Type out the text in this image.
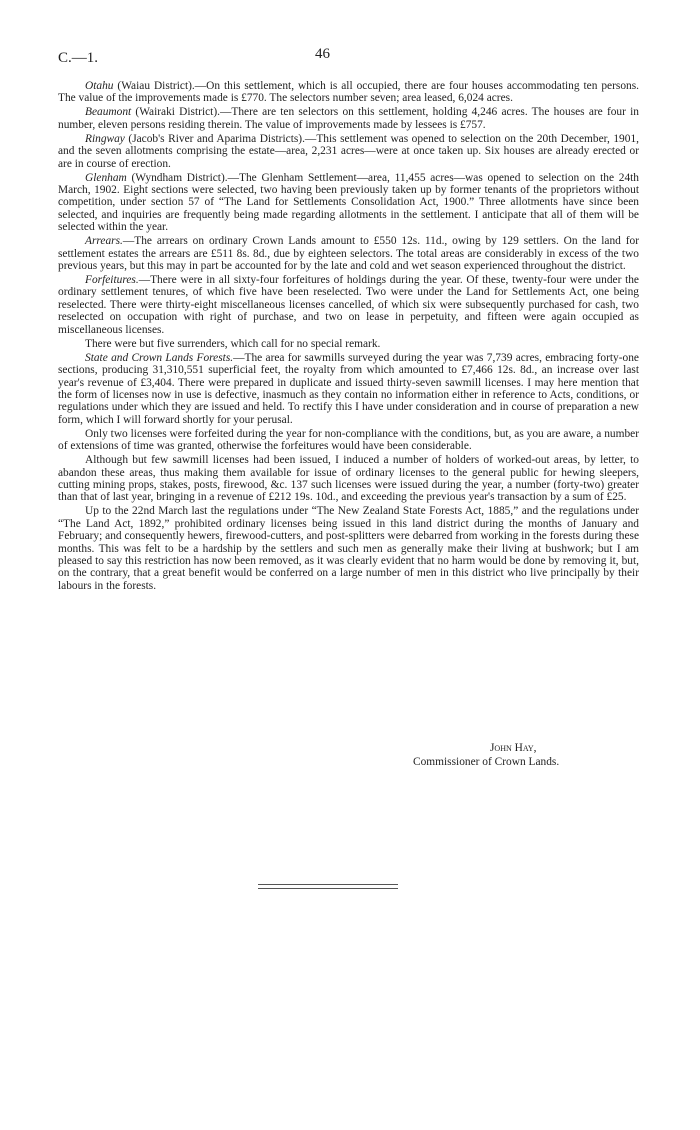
C.—1.	46

Otahu (Waiau District).—On this settlement, which is all occupied, there are four houses accommodating ten persons. The value of the improvements made is £770. The selectors number seven; area leased, 6,024 acres.

Beaumont (Wairaki District).—There are ten selectors on this settlement, holding 4,246 acres. The houses are four in number, eleven persons residing therein. The value of improvements made by lessees is £757.

Ringway (Jacob's River and Aparima Districts).—This settlement was opened to selection on the 20th December, 1901, and the seven allotments comprising the estate—area, 2,231 acres—were at once taken up. Six houses are already erected or are in course of erection.

Glenham (Wyndham District).—The Glenham Settlement—area, 11,455 acres—was opened to selection on the 24th March, 1902. Eight sections were selected, two having been previously taken up by former tenants of the proprietors without competition, under section 57 of “The Land for Settlements Consolidation Act, 1900.” Three allotments have since been selected, and inquiries are frequently being made regarding allotments in the settlement. I anticipate that all of them will be selected within the year.

Arrears.—The arrears on ordinary Crown Lands amount to £550 12s. 11d., owing by 129 settlers. On the land for settlement estates the arrears are £511 8s. 8d., due by eighteen selectors. The total areas are considerably in excess of the two previous years, but this may in part be accounted for by the late and cold and wet season experienced throughout the district.

Forfeitures.—There were in all sixty-four forfeitures of holdings during the year. Of these, twenty-four were under the ordinary settlement tenures, of which five have been reselected. Two were under the Land for Settlements Act, one being reselected. There were thirty-eight miscellaneous licenses cancelled, of which six were subsequently purchased for cash, two reselected on occupation with right of purchase, and two on lease in perpetuity, and fifteen were again occupied as miscellaneous licenses.

There were but five surrenders, which call for no special remark.

State and Crown Lands Forests.—The area for sawmills surveyed during the year was 7,739 acres, embracing forty-one sections, producing 31,310,551 superficial feet, the royalty from which amounted to £7,466 12s. 8d., an increase over last year's revenue of £3,404. There were prepared in duplicate and issued thirty-seven sawmill licenses. I may here mention that the form of licenses now in use is defective, inasmuch as they contain no information either in reference to Acts, conditions, or regulations under which they are issued and held. To rectify this I have under consideration and in course of preparation a new form, which I will forward shortly for your perusal.

Only two licenses were forfeited during the year for non-compliance with the conditions, but, as you are aware, a number of extensions of time was granted, otherwise the forfeitures would have been considerable.

Although but few sawmill licenses had been issued, I induced a number of holders of worked-out areas, by letter, to abandon these areas, thus making them available for issue of ordinary licenses to the general public for hewing sleepers, cutting mining props, stakes, posts, firewood, &c. 137 such licenses were issued during the year, a number (forty-two) greater than that of last year, bringing in a revenue of £212 19s. 10d., and exceeding the previous year's transaction by a sum of £25.

Up to the 22nd March last the regulations under “The New Zealand State Forests Act, 1885,” and the regulations under “The Land Act, 1892,” prohibited ordinary licenses being issued in this land district during the months of January and February; and consequently hewers, firewood-cutters, and post-splitters were debarred from working in the forests during these months. This was felt to be a hardship by the settlers and such men as generally make their living at bushwork; but I am pleased to say this restriction has now been removed, as it was clearly evident that no harm would be done by removing it, but, on the contrary, that a great benefit would be conferred on a large number of men in this district who live principally by their labours in the forests.

John Hay,
Commissioner of Crown Lands.
